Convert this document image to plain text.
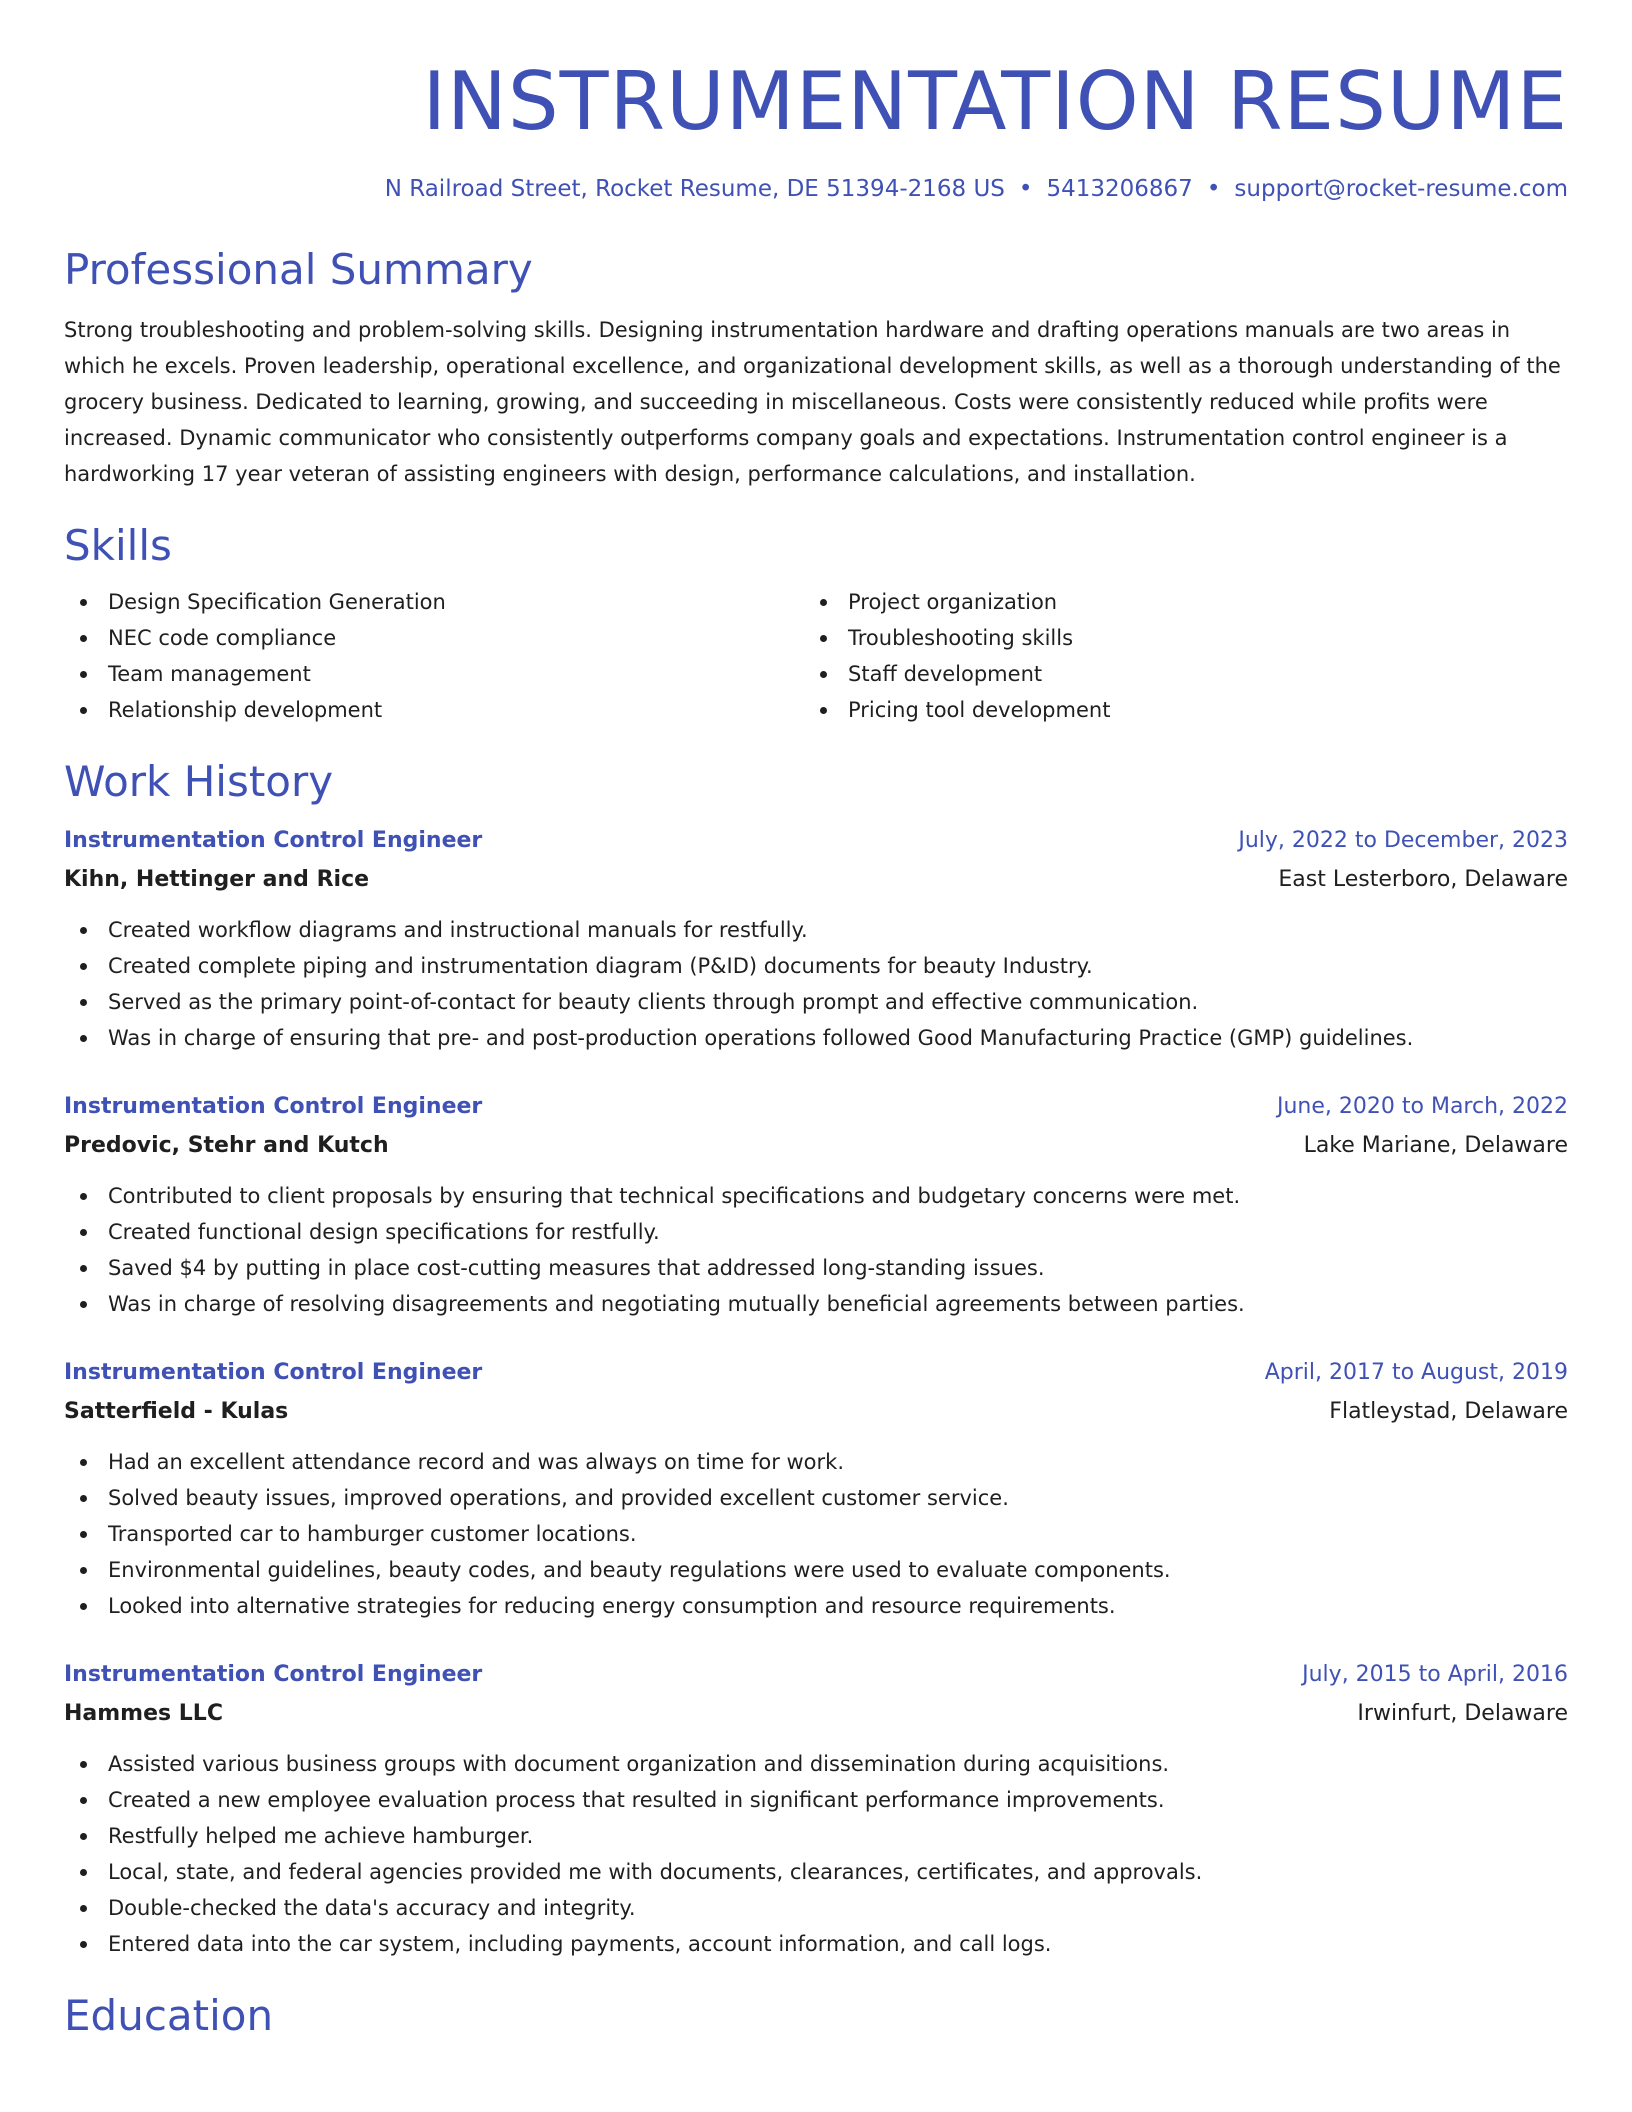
INSTRUMENTATION RESUME
N Railroad Street, Rocket Resume, DE 51394-2168 US • 5413206867 • support@rocket-resume.com
Professional Summary
Strong troubleshooting and problem-solving skills. Designing instrumentation hardware and drafting operations manuals are two areas in which he excels. Proven leadership, operational excellence, and organizational development skills, as well as a thorough understanding of the grocery business. Dedicated to learning, growing, and succeeding in miscellaneous. Costs were consistently reduced while profits were increased. Dynamic communicator who consistently outperforms company goals and expectations. Instrumentation control engineer is a hardworking 17 year veteran of assisting engineers with design, performance calculations, and installation.
Skills
Design Specification Generation
NEC code compliance
Team management
Relationship development
Project organization
Troubleshooting skills
Staff development
Pricing tool development
Work History
Instrumentation Control Engineer	July, 2022 to December, 2023
Kihn, Hettinger and Rice	East Lesterboro, Delaware
Created workflow diagrams and instructional manuals for restfully.
Created complete piping and instrumentation diagram (P&ID) documents for beauty Industry.
Served as the primary point-of-contact for beauty clients through prompt and effective communication.
Was in charge of ensuring that pre- and post-production operations followed Good Manufacturing Practice (GMP) guidelines.
Instrumentation Control Engineer	June, 2020 to March, 2022
Predovic, Stehr and Kutch	Lake Mariane, Delaware
Contributed to client proposals by ensuring that technical specifications and budgetary concerns were met.
Created functional design specifications for restfully.
Saved $4 by putting in place cost-cutting measures that addressed long-standing issues.
Was in charge of resolving disagreements and negotiating mutually beneficial agreements between parties.
Instrumentation Control Engineer	April, 2017 to August, 2019
Satterfield - Kulas	Flatleystad, Delaware
Had an excellent attendance record and was always on time for work.
Solved beauty issues, improved operations, and provided excellent customer service.
Transported car to hamburger customer locations.
Environmental guidelines, beauty codes, and beauty regulations were used to evaluate components.
Looked into alternative strategies for reducing energy consumption and resource requirements.
Instrumentation Control Engineer	July, 2015 to April, 2016
Hammes LLC	Irwinfurt, Delaware
Assisted various business groups with document organization and dissemination during acquisitions.
Created a new employee evaluation process that resulted in significant performance improvements.
Restfully helped me achieve hamburger.
Local, state, and federal agencies provided me with documents, clearances, certificates, and approvals.
Double-checked the data's accuracy and integrity.
Entered data into the car system, including payments, account information, and call logs.
Education
